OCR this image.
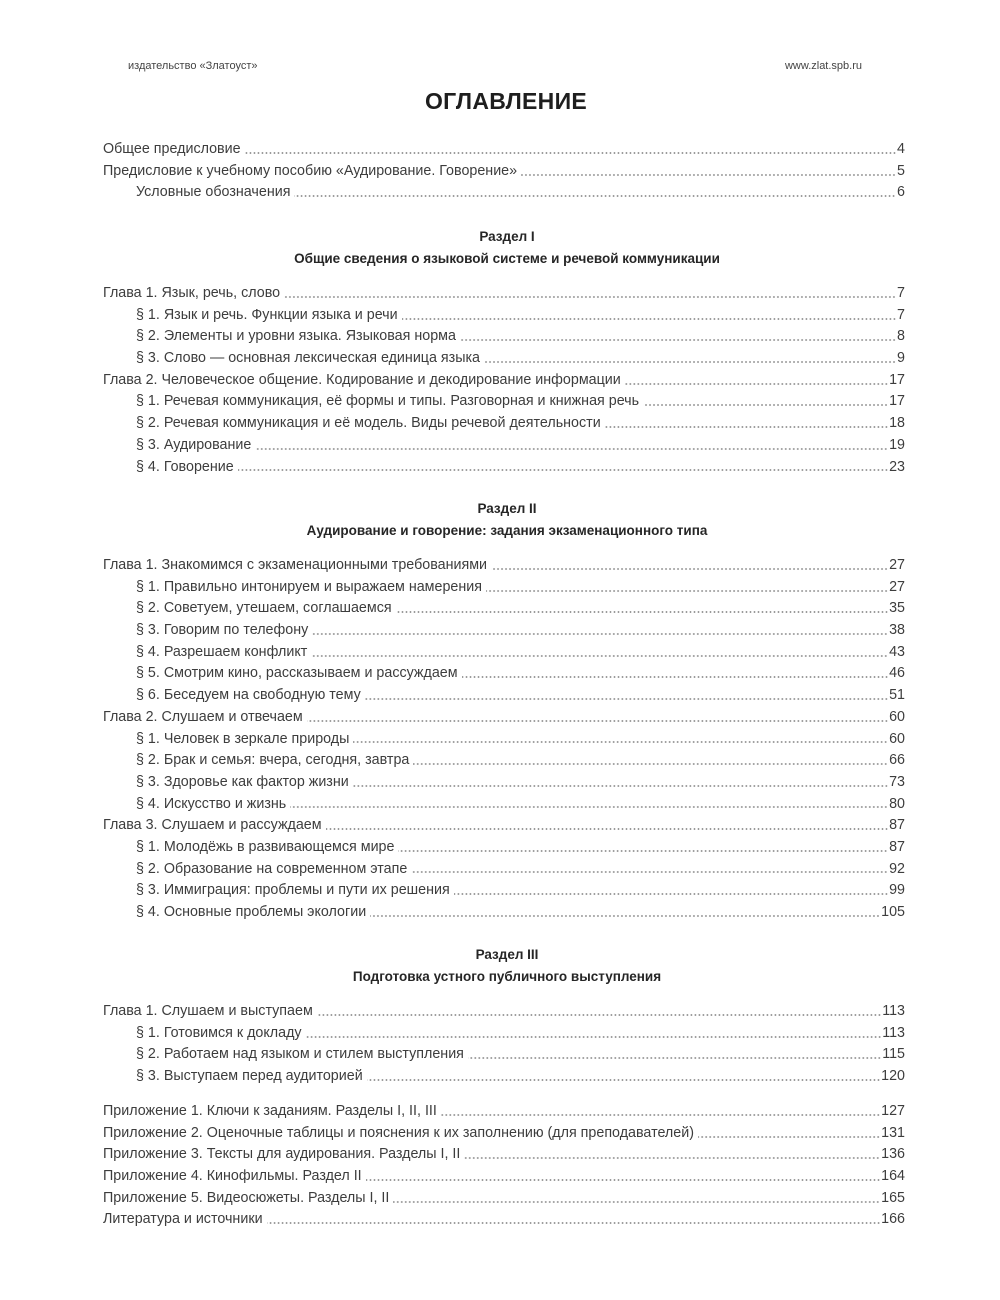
издательство «Златоуст»	www.zlat.spb.ru
ОГЛАВЛЕНИЕ
Общее предисловие	4
Предисловие к учебному пособию «Аудирование. Говорение»	5
Условные обозначения	6
Раздел I
Общие сведения о языковой системе и речевой коммуникации
Глава 1. Язык, речь, слово	7
§ 1. Язык и речь. Функции языка и речи	7
§ 2. Элементы и уровни языка. Языковая норма	8
§ 3. Слово — основная лексическая единица языка	9
Глава 2. Человеческое общение. Кодирование и декодирование информации	17
§ 1. Речевая коммуникация, её формы и типы. Разговорная и книжная речь	17
§ 2. Речевая коммуникация и её модель. Виды речевой деятельности	18
§ 3. Аудирование	19
§ 4. Говорение	23
Раздел II
Аудирование и говорение: задания экзаменационного типа
Глава 1. Знакомимся с экзаменационными требованиями	27
§ 1. Правильно интонируем и выражаем намерения	27
§ 2. Советуем, утешаем, соглашаемся	35
§ 3. Говорим по телефону	38
§ 4. Разрешаем конфликт	43
§ 5. Смотрим кино, рассказываем и рассуждаем	46
§ 6. Беседуем на свободную тему	51
Глава 2. Слушаем и отвечаем	60
§ 1. Человек в зеркале природы	60
§ 2. Брак и семья: вчера, сегодня, завтра	66
§ 3. Здоровье как фактор жизни	73
§ 4. Искусство и жизнь	80
Глава 3. Слушаем и рассуждаем	87
§ 1. Молодёжь в развивающемся мире	87
§ 2. Образование на современном этапе	92
§ 3. Иммиграция: проблемы и пути их решения	99
§ 4. Основные проблемы экологии	105
Раздел III
Подготовка устного публичного выступления
Глава 1. Слушаем и выступаем	113
§ 1. Готовимся к докладу	113
§ 2. Работаем над языком и стилем выступления	115
§ 3. Выступаем перед аудиторией	120
Приложение 1. Ключи к заданиям. Разделы I, II, III	127
Приложение 2. Оценочные таблицы и пояснения к их заполнению (для преподавателей)	131
Приложение 3. Тексты для аудирования. Разделы I, II	136
Приложение 4. Кинофильмы. Раздел II	164
Приложение 5. Видеосюжеты. Разделы I, II	165
Литература и источники	166
